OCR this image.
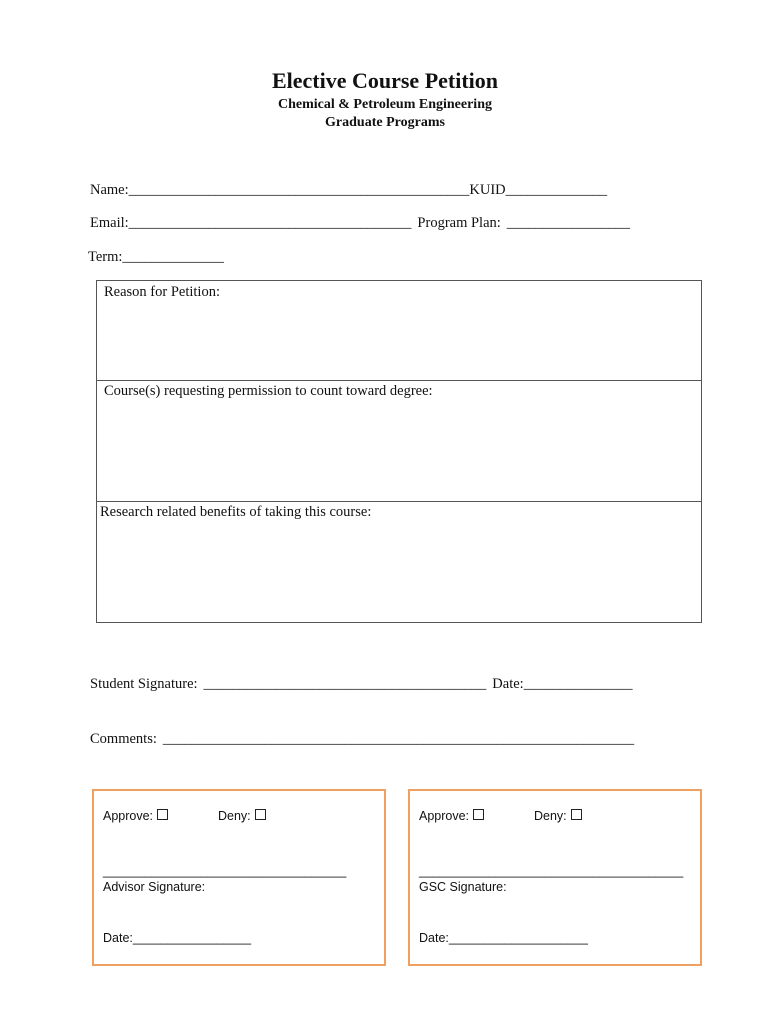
Elective Course Petition
Chemical & Petroleum Engineering
Graduate Programs
Name:_______________________________________________KUID______________
Email:_______________________________________ Program Plan: _________________
Term:______________
Reason for Petition:
Course(s) requesting permission to count toward degree:
Research related benefits of taking this course:
Student Signature: _______________________________________ Date:_______________
Comments: _________________________________________________________________
Approve:	Deny:
___________________________________
Advisor Signature:
Date:_________________
Approve:	Deny:
______________________________________
GSC Signature:
Date:____________________
